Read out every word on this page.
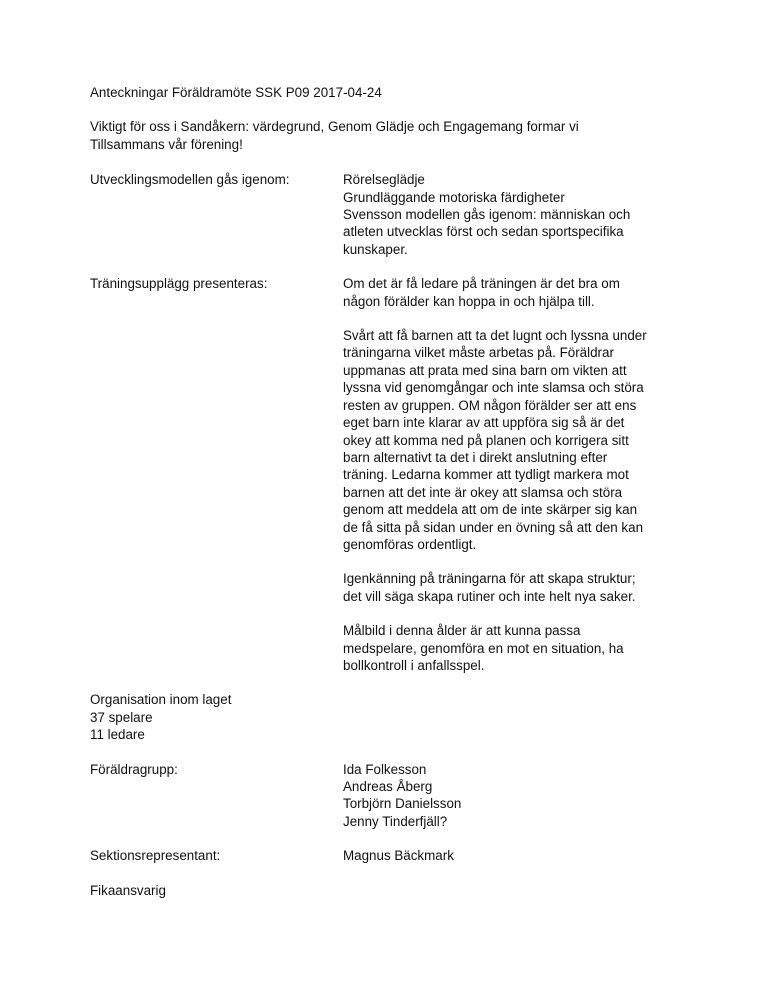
Anteckningar Föräldramöte SSK P09 2017-04-24

Viktigt för oss i Sandåkern: värdegrund, Genom Glädje och Engagemang formar vi

Tillsammans vår förening!

Utvecklingsmodellen gås igenom:	Rörelseglädje

Grundläggande motoriska färdigheter

Svensson modellen gås igenom: människan och

atleten utvecklas först och sedan sportspecifika

kunskaper.

Träningsupplägg presenteras:	Om det är få ledare på träningen är det bra om

någon förälder kan hoppa in och hjälpa till.

Svårt att få barnen att ta det lugnt och lyssna under

träningarna vilket måste arbetas på. Föräldrar

uppmanas att prata med sina barn om vikten att

lyssna vid genomgångar och inte slamsa och störa

resten av gruppen. OM någon förälder ser att ens

eget barn inte klarar av att uppföra sig så är det

okey att komma ned på planen och korrigera sitt

barn alternativt ta det i direkt anslutning efter

träning. Ledarna kommer att tydligt markera mot

barnen att det inte är okey att slamsa och störa

genom att meddela att om de inte skärper sig kan

de få sitta på sidan under en övning så att den kan

genomföras ordentligt.

Igenkänning på träningarna för att skapa struktur;

det vill säga skapa rutiner och inte helt nya saker.

Målbild i denna ålder är att kunna passa

medspelare, genomföra en mot en situation, ha

bollkontroll i anfallsspel.

Organisation inom laget

37 spelare

11 ledare

Föräldragrupp:	Ida Folkesson

Andreas Åberg

Torbjörn Danielsson

Jenny Tinderfjäll?

Sektionsrepresentant:	Magnus Bäckmark

Fikaansvarig
